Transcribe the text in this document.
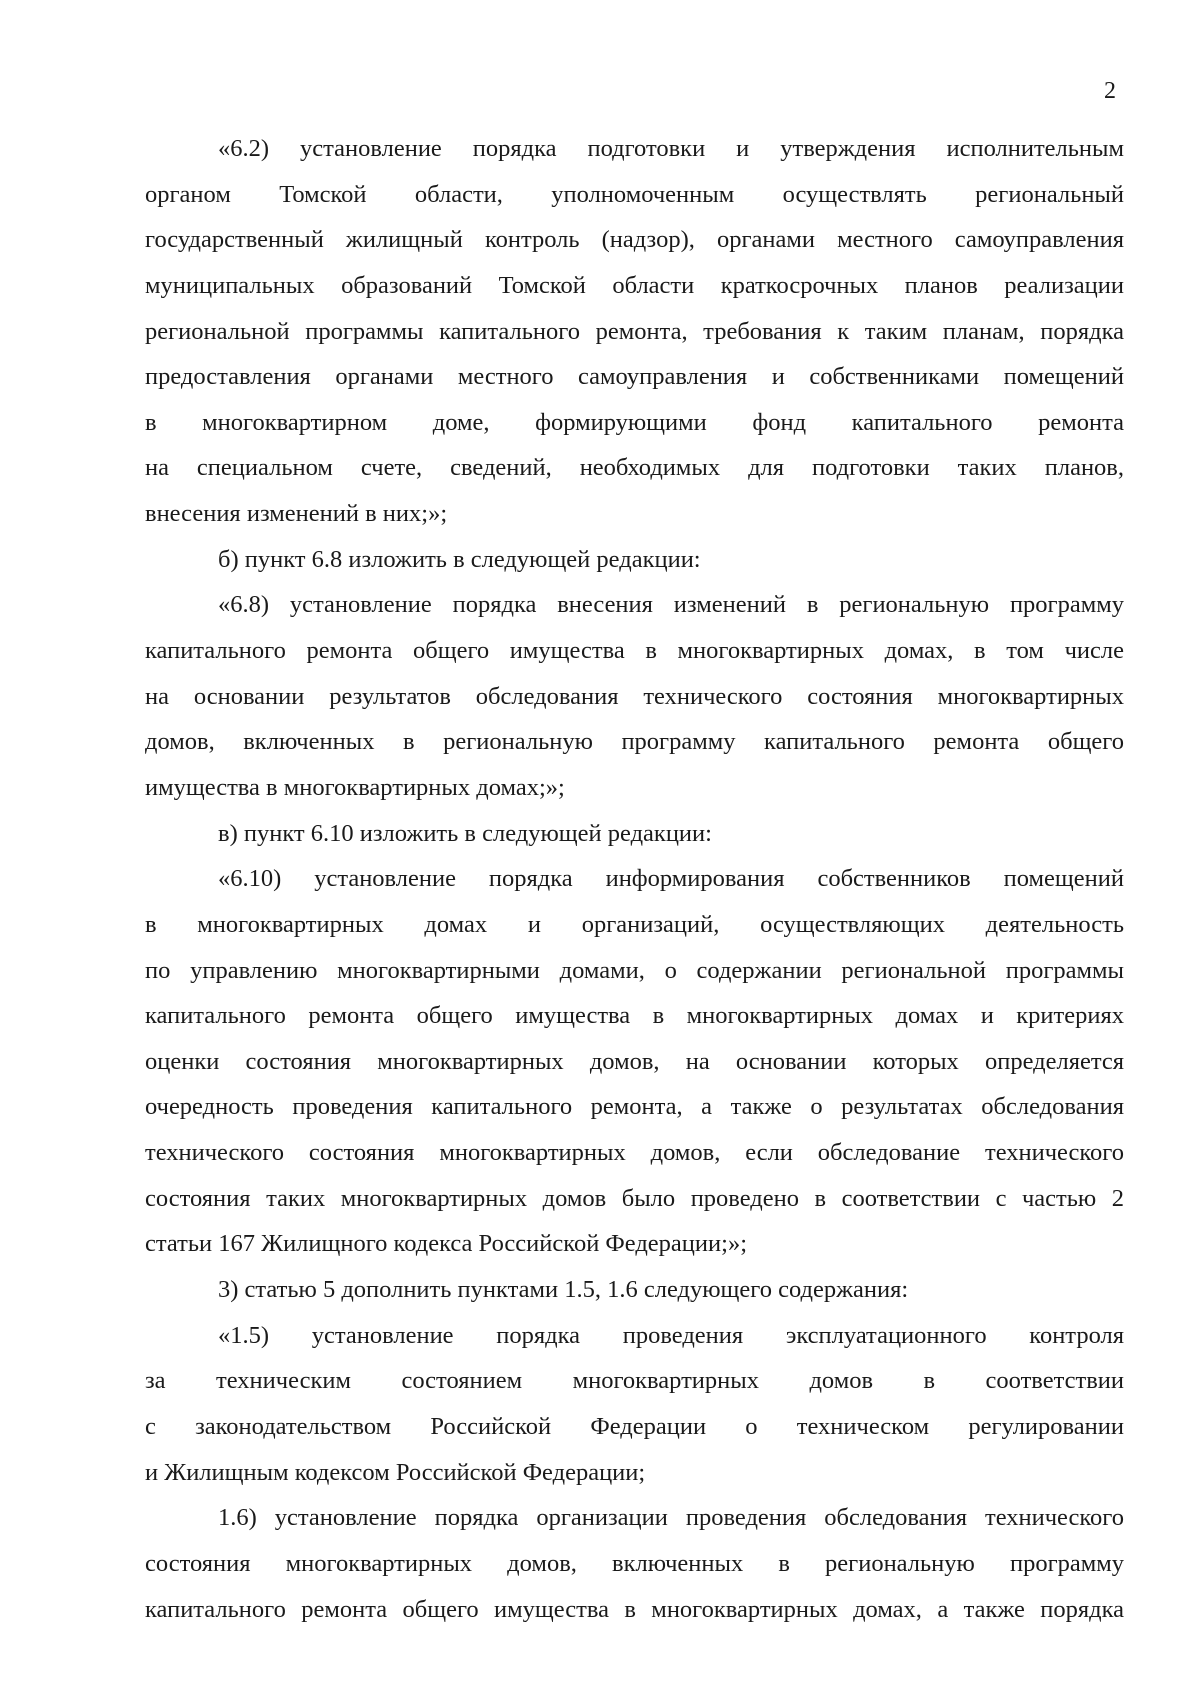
2
«6.2) установление порядка подготовки и утверждения исполнительным
органом Томской области, уполномоченным осуществлять региональный
государственный жилищный контроль (надзор), органами местного самоуправления
муниципальных образований Томской области краткосрочных планов реализации
региональной программы капитального ремонта, требования к таким планам, порядка
предоставления органами местного самоуправления и собственниками помещений
в многоквартирном доме, формирующими фонд капитального ремонта
на специальном счете, сведений, необходимых для подготовки таких планов,
внесения изменений в них;»;
б) пункт 6.8 изложить в следующей редакции:
«6.8) установление порядка внесения изменений в региональную программу
капитального ремонта общего имущества в многоквартирных домах, в том числе
на основании результатов обследования технического состояния многоквартирных
домов, включенных в региональную программу капитального ремонта общего
имущества в многоквартирных домах;»;
в) пункт 6.10 изложить в следующей редакции:
«6.10) установление порядка информирования собственников помещений
в многоквартирных домах и организаций, осуществляющих деятельность
по управлению многоквартирными домами, о содержании региональной программы
капитального ремонта общего имущества в многоквартирных домах и критериях
оценки состояния многоквартирных домов, на основании которых определяется
очередность проведения капитального ремонта, а также о результатах обследования
технического состояния многоквартирных домов, если обследование технического
состояния таких многоквартирных домов было проведено в соответствии с частью 2
статьи 167 Жилищного кодекса Российской Федерации;»;
3) статью 5 дополнить пунктами 1.5, 1.6 следующего содержания:
«1.5) установление порядка проведения эксплуатационного контроля
за техническим состоянием многоквартирных домов в соответствии
с законодательством Российской Федерации о техническом регулировании
и Жилищным кодексом Российской Федерации;
1.6) установление порядка организации проведения обследования технического
состояния многоквартирных домов, включенных в региональную программу
капитального ремонта общего имущества в многоквартирных домах, а также порядка
